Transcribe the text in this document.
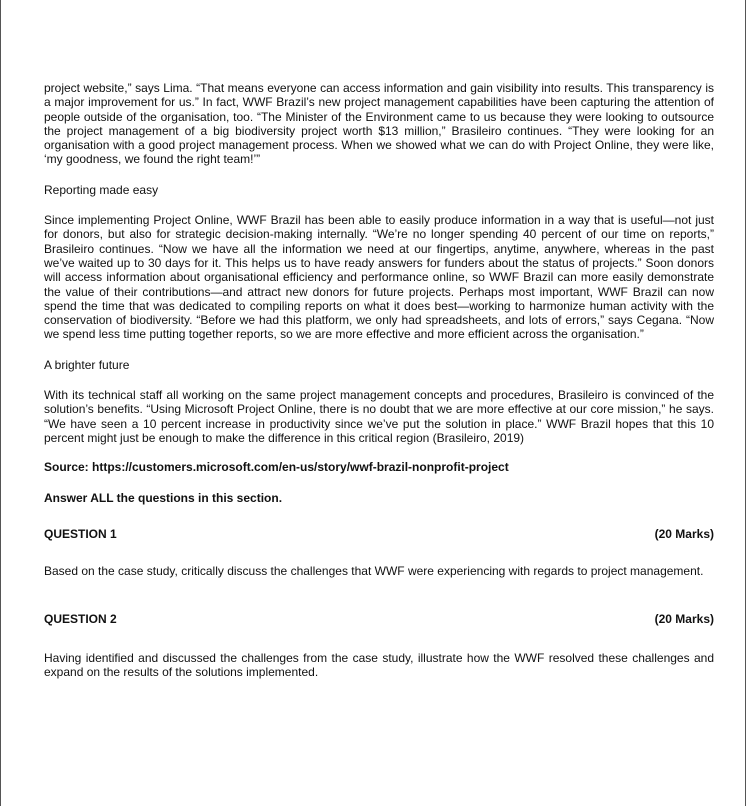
project website,” says Lima. “That means everyone can access information and gain visibility into results. This transparency is a major improvement for us.” In fact, WWF Brazil’s new project management capabilities have been capturing the attention of people outside of the organisation, too. “The Minister of the Environment came to us because they were looking to outsource the project management of a big biodiversity project worth $13 million,” Brasileiro continues. “They were looking for an organisation with a good project management process. When we showed what we can do with Project Online, they were like, ‘my goodness, we found the right team!’”

Reporting made easy

Since implementing Project Online, WWF Brazil has been able to easily produce information in a way that is useful—not just for donors, but also for strategic decision-making internally. “We’re no longer spending 40 percent of our time on reports,” Brasileiro continues. “Now we have all the information we need at our fingertips, anytime, anywhere, whereas in the past we’ve waited up to 30 days for it. This helps us to have ready answers for funders about the status of projects.” Soon donors will access information about organisational efficiency and performance online, so WWF Brazil can more easily demonstrate the value of their contributions—and attract new donors for future projects. Perhaps most important, WWF Brazil can now spend the time that was dedicated to compiling reports on what it does best—working to harmonize human activity with the conservation of biodiversity. “Before we had this platform, we only had spreadsheets, and lots of errors,” says Cegana. “Now we spend less time putting together reports, so we are more effective and more efficient across the organisation.”

A brighter future

With its technical staff all working on the same project management concepts and procedures, Brasileiro is convinced of the solution’s benefits. “Using Microsoft Project Online, there is no doubt that we are more effective at our core mission,” he says. “We have seen a 10 percent increase in productivity since we’ve put the solution in place.” WWF Brazil hopes that this 10 percent might just be enough to make the difference in this critical region (Brasileiro, 2019)

Source: https://customers.microsoft.com/en-us/story/wwf-brazil-nonprofit-project

Answer ALL the questions in this section.

QUESTION 1	(20 Marks)

Based on the case study, critically discuss the challenges that WWF were experiencing with regards to project management.

QUESTION 2	(20 Marks)

Having identified and discussed the challenges from the case study, illustrate how the WWF resolved these challenges and expand on the results of the solutions implemented.
